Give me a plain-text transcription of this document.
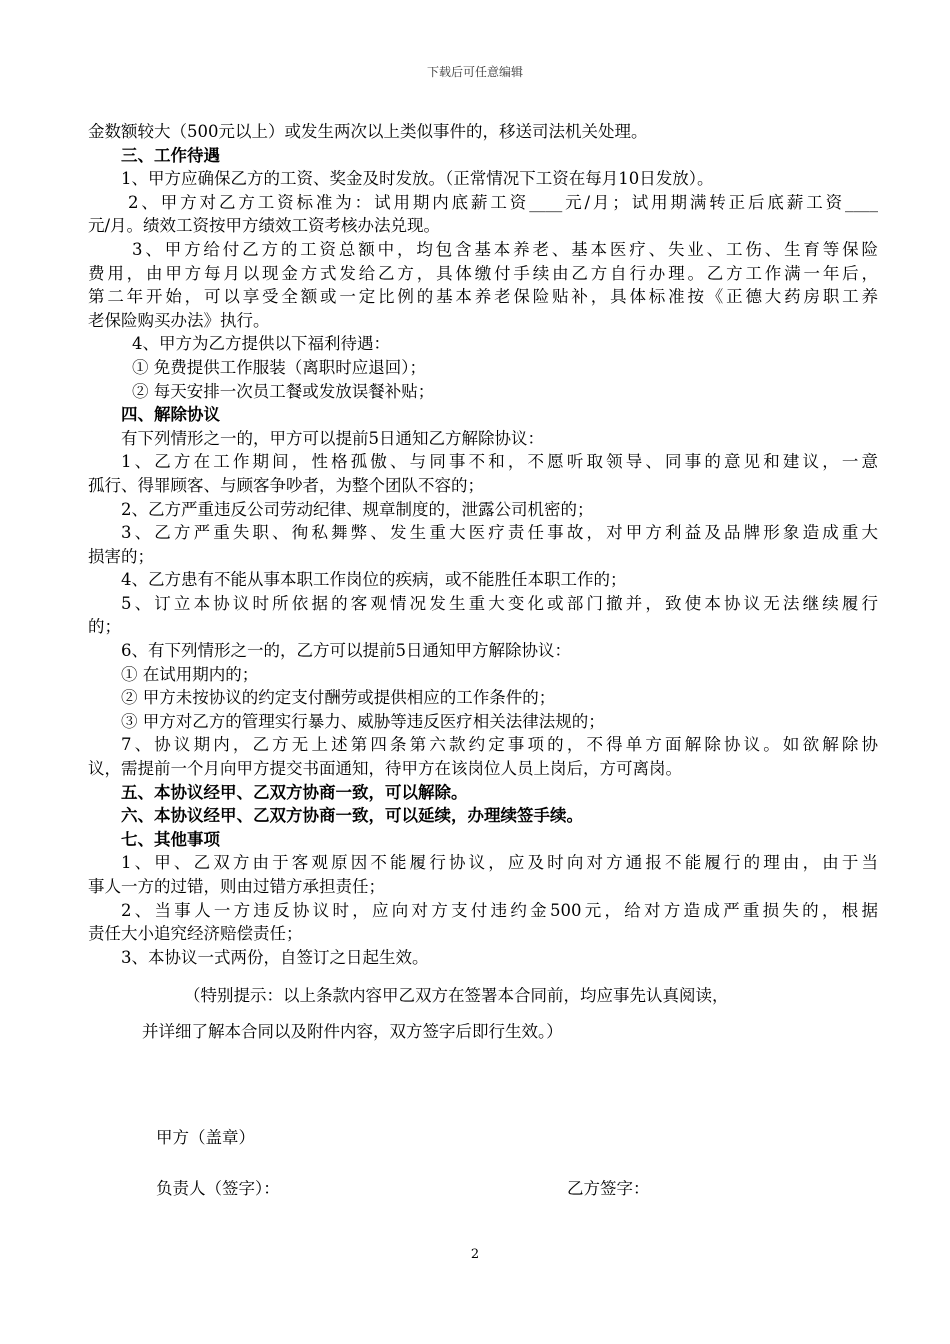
下载后可任意编辑
金数额较大（500元以上）或发生两次以上类似事件的，移送司法机关处理。
三、工作待遇
1、甲方应确保乙方的工资、奖金及时发放。（正常情况下工资在每月10日发放）。
2、甲方对乙方工资标准为：试用期内底薪工资____元/月；试用期满转正后底薪工资____
元/月。绩效工资按甲方绩效工资考核办法兑现。
3、甲方给付乙方的工资总额中，均包含基本养老、基本医疗、失业、工伤、生育等保险
费用，由甲方每月以现金方式发给乙方，具体缴付手续由乙方自行办理。乙方工作满一年后，
第二年开始，可以享受全额或一定比例的基本养老保险贴补，具体标准按《正德大药房职工养
老保险购买办法》执行。
4、甲方为乙方提供以下福利待遇：
① 免费提供工作服装（离职时应退回）；
② 每天安排一次员工餐或发放误餐补贴；
四、解除协议
有下列情形之一的，甲方可以提前5日通知乙方解除协议：
1、乙方在工作期间，性格孤傲、与同事不和，不愿听取领导、同事的意见和建议，一意
孤行、得罪顾客、与顾客争吵者，为整个团队不容的；
2、乙方严重违反公司劳动纪律、规章制度的，泄露公司机密的；
3、乙方严重失职、徇私舞弊、发生重大医疗责任事故，对甲方利益及品牌形象造成重大
损害的；
4、乙方患有不能从事本职工作岗位的疾病，或不能胜任本职工作的；
5、订立本协议时所依据的客观情况发生重大变化或部门撤并，致使本协议无法继续履行
的；
6、有下列情形之一的，乙方可以提前5日通知甲方解除协议：
① 在试用期内的；
② 甲方未按协议的约定支付酬劳或提供相应的工作条件的；
③ 甲方对乙方的管理实行暴力、威胁等违反医疗相关法律法规的；
7、协议期内，乙方无上述第四条第六款约定事项的，不得单方面解除协议。如欲解除协
议，需提前一个月向甲方提交书面通知，待甲方在该岗位人员上岗后，方可离岗。
五、本协议经甲、乙双方协商一致，可以解除。
六、本协议经甲、乙双方协商一致，可以延续，办理续签手续。
七、其他事项
1、甲、乙双方由于客观原因不能履行协议，应及时向对方通报不能履行的理由，由于当
事人一方的过错，则由过错方承担责任；
2、当事人一方违反协议时，应向对方支付违约金500元，给对方造成严重损失的，根据
责任大小追究经济赔偿责任；
3、本协议一式两份，自签订之日起生效。
（特别提示：以上条款内容甲乙双方在签署本合同前，均应事先认真阅读，
并详细了解本合同以及附件内容，双方签字后即行生效。）
甲方（盖章）
负责人（签字）：	乙方签字：
2
